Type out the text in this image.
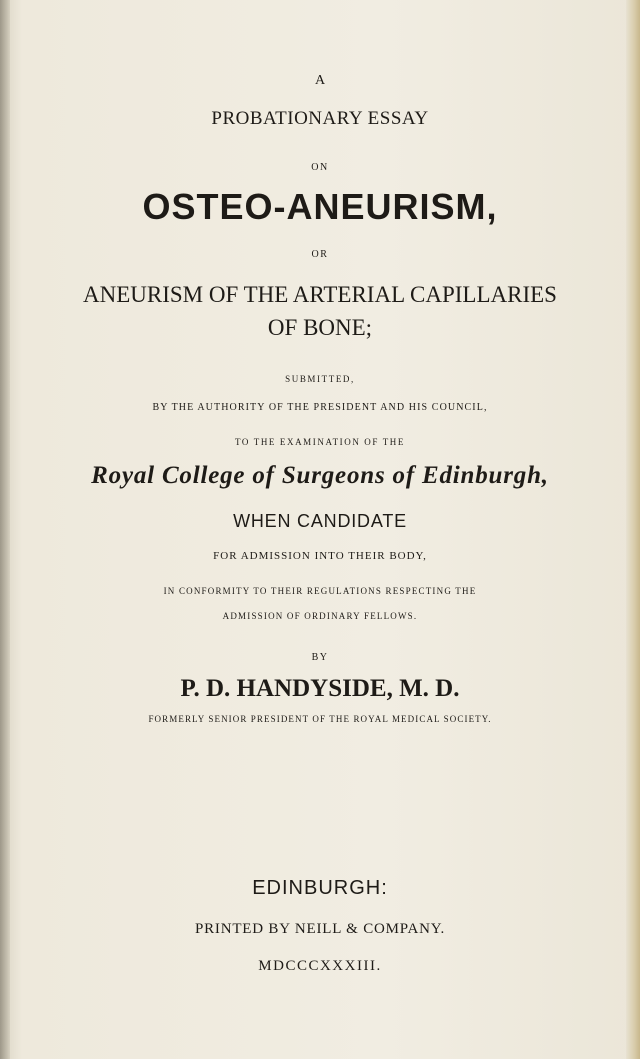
A
PROBATIONARY ESSAY
ON
OSTEO-ANEURISM,
OR
ANEURISM OF THE ARTERIAL CAPILLARIES
OF BONE;
SUBMITTED,
BY THE AUTHORITY OF THE PRESIDENT AND HIS COUNCIL,
TO THE EXAMINATION OF THE
Royal College of Surgeons of Edinburgh,
WHEN CANDIDATE
FOR ADMISSION INTO THEIR BODY,
IN CONFORMITY TO THEIR REGULATIONS RESPECTING THE
ADMISSION OF ORDINARY FELLOWS.
BY
P. D. HANDYSIDE, M. D.
FORMERLY SENIOR PRESIDENT OF THE ROYAL MEDICAL SOCIETY.
EDINBURGH:
PRINTED BY NEILL & COMPANY.
MDCCCXXXIII.
